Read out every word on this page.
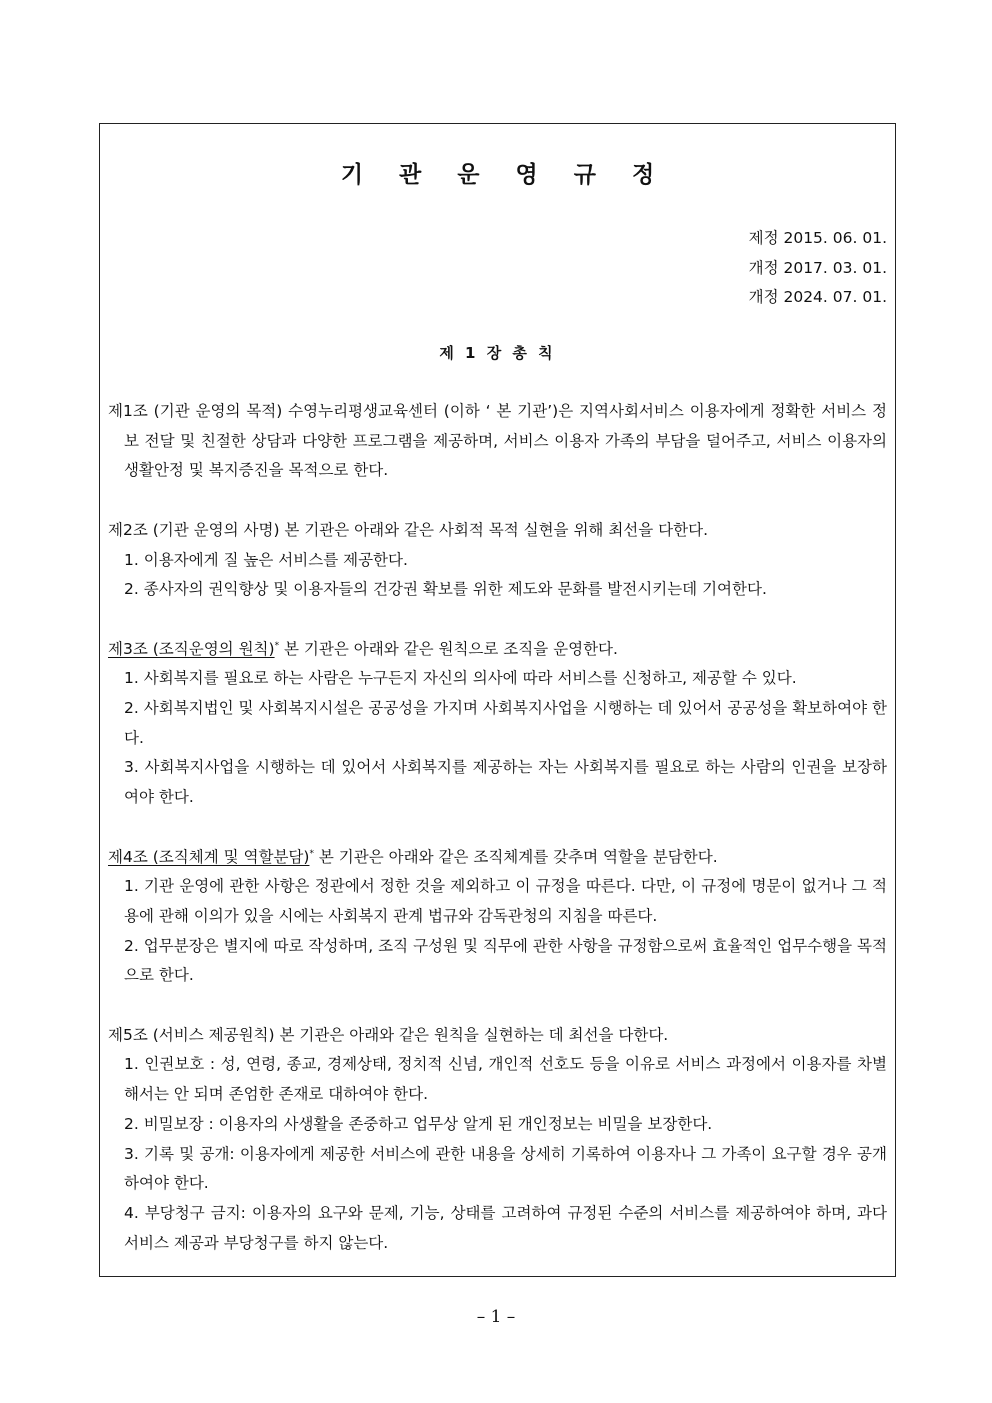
기 관 운 영 규 정
제정 2015. 06. 01.
개정 2017. 03. 01.
개정 2024. 07. 01.
제 1 장 총 칙
제1조 (기관 운영의 목적) 수영누리평생교육센터 (이하 ‘ 본 기관’)은 지역사회서비스 이용자에게 정확한 서비스 정보 전달 및 친절한 상담과 다양한 프로그램을 제공하며, 서비스 이용자 가족의 부담을 덜어주고, 서비스 이용자의 생활안정 및 복지증진을 목적으로 한다.
제2조 (기관 운영의 사명) 본 기관은 아래와 같은 사회적 목적 실현을 위해 최선을 다한다.
1. 이용자에게 질 높은 서비스를 제공한다.
2. 종사자의 권익향상 및 이용자들의 건강권 확보를 위한 제도와 문화를 발전시키는데 기여한다.
제3조 (조직운영의 원칙)* 본 기관은 아래와 같은 원칙으로 조직을 운영한다.
1. 사회복지를 필요로 하는 사람은 누구든지 자신의 의사에 따라 서비스를 신청하고, 제공할 수 있다.
2. 사회복지법인 및 사회복지시설은 공공성을 가지며 사회복지사업을 시행하는 데 있어서 공공성을 확보하여야 한다.
3. 사회복지사업을 시행하는 데 있어서 사회복지를 제공하는 자는 사회복지를 필요로 하는 사람의 인권을 보장하여야 한다.
제4조 (조직체계 및 역할분담)* 본 기관은 아래와 같은 조직체계를 갖추며 역할을 분담한다.
1. 기관 운영에 관한 사항은 정관에서 정한 것을 제외하고 이 규정을 따른다. 다만, 이 규정에 명문이 없거나 그 적용에 관해 이의가 있을 시에는 사회복지 관계 법규와 감독관청의 지침을 따른다.
2. 업무분장은 별지에 따로 작성하며, 조직 구성원 및 직무에 관한 사항을 규정함으로써 효율적인 업무수행을 목적으로 한다.
제5조 (서비스 제공원칙) 본 기관은 아래와 같은 원칙을 실현하는 데 최선을 다한다.
1. 인권보호 : 성, 연령, 종교, 경제상태, 정치적 신념, 개인적 선호도 등을 이유로 서비스 과정에서 이용자를 차별해서는 안 되며 존엄한 존재로 대하여야 한다.
2. 비밀보장 : 이용자의 사생활을 존중하고 업무상 알게 된 개인정보는 비밀을 보장한다.
3. 기록 및 공개: 이용자에게 제공한 서비스에 관한 내용을 상세히 기록하여 이용자나 그 가족이 요구할 경우 공개하여야 한다.
4. 부당청구 금지: 이용자의 요구와 문제, 기능, 상태를 고려하여 규정된 수준의 서비스를 제공하여야 하며, 과다 서비스 제공과 부당청구를 하지 않는다.
– 1 –
